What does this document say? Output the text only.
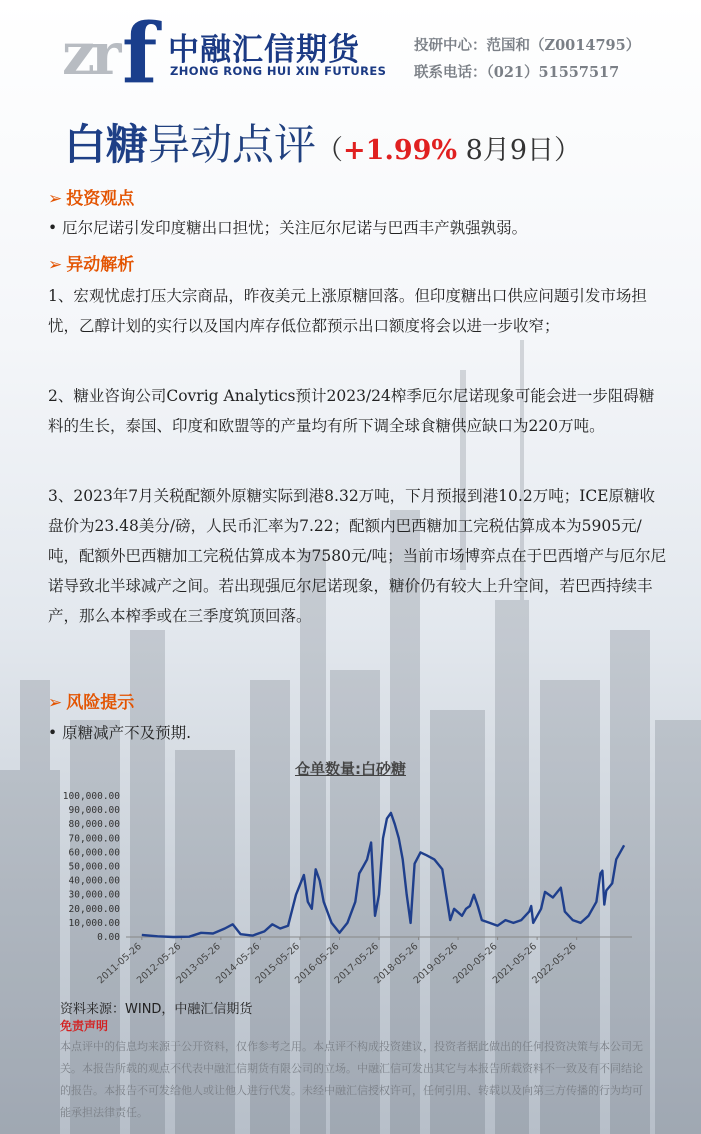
zr f 中融汇信期货
ZHONG RONG HUI XIN FUTURES
投研中心：范国和（Z0014795）
联系电话：（021）51557517
白糖异动点评（+1.99% 8月9日）
➢ 投资观点
• 厄尔尼诺引发印度糖出口担忧；关注厄尔尼诺与巴西丰产孰强孰弱。
➢ 异动解析
1、宏观忧虑打压大宗商品，昨夜美元上涨原糖回落。但印度糖出口供应问题引发市场担忧，乙醇计划的实行以及国内库存低位都预示出口额度将会以进一步收窄；
2、糖业咨询公司Covrig Analytics预计2023/24榨季厄尔尼诺现象可能会进一步阻碍糖料的生长，泰国、印度和欧盟等的产量均有所下调全球食糖供应缺口为220万吨。
3、2023年7月关税配额外原糖实际到港8.32万吨，下月预报到港10.2万吨；ICE原糖收盘价为23.48美分/磅，人民币汇率为7.22；配额内巴西糖加工完税估算成本为5905元/吨，配额外巴西糖加工完税估算成本为7580元/吨；当前市场博弈点在于巴西增产与厄尔尼诺导致北半球减产之间。若出现强厄尔尼诺现象，糖价仍有较大上升空间，若巴西持续丰产，那么本榨季或在三季度筑顶回落。
➢ 风险提示
• 原糖减产不及预期.
仓单数量:白砂糖
100,000.00
90,000.00
80,000.00
70,000.00
60,000.00
50,000.00
40,000.00
30,000.00
20,000.00
10,000.00
0.00
2011-05-26
2012-05-26
2013-05-26
2014-05-26
2015-05-26
2016-05-26
2017-05-26
2018-05-26
2019-05-26
2020-05-26
2021-05-26
2022-05-26
资料来源：WIND，中融汇信期货
免责声明
本点评中的信息均来源于公开资料，仅作参考之用。本点评不构成投资建议，投资者据此做出的任何投资决策与本公司无关。本报告所载的观点不代表中融汇信期货有限公司的立场。中融汇信可发出其它与本报告所载资料不一致及有不同结论的报告。本报告不可发给他人或让他人进行代发。未经中融汇信授权许可，任何引用、转载以及向第三方传播的行为均可能承担法律责任。
